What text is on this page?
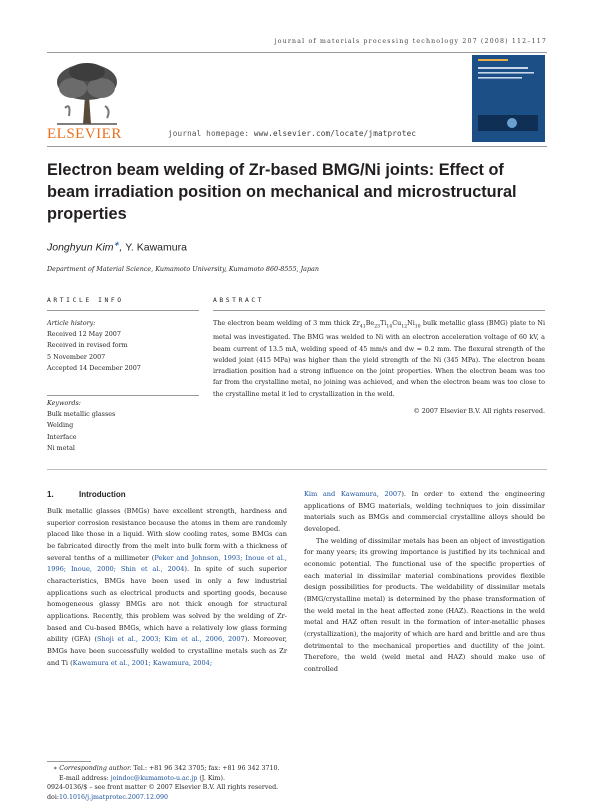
journal of materials processing technology 207 (2008) 112–117
ELSEVIER	journal homepage: www.elsevier.com/locate/jmatprotec
Electron beam welding of Zr-based BMG/Ni joints: Effect of beam irradiation position on mechanical and microstructural properties
Jonghyun Kim∗, Y. Kawamura
Department of Material Science, Kumamoto University, Kumamoto 860-8555, Japan
ARTICLE INFO
Article history:
Received 12 May 2007
Received in revised form
5 November 2007
Accepted 14 December 2007
Keywords:
Bulk metallic glasses
Welding
Interface
Ni metal
ABSTRACT
The electron beam welding of 3 mm thick $Zr_{41}Be_{23}Ti_{14}Cu_{12}Ni_{10}$ bulk metallic glass (BMG) plate to Ni metal was investigated. The BMG was welded to Ni with an electron acceleration voltage of 60 kV, a beam current of 13.5 mA, welding speed of 45 mm/s and dw = 0.2 mm. The flexural strength of the welded joint (415 MPa) was higher than the yield strength of the Ni (345 MPa). The electron beam irradiation position had a strong influence on the joint properties. When the electron beam was too far from the crystalline metal, no joining was achieved, and when the electron beam was too close to the crystalline metal it led to crystallization in the weld.
© 2007 Elsevier B.V. All rights reserved.
1.	Introduction

Bulk metallic glasses (BMGs) have excellent strength, hardness and superior corrosion resistance because the atoms in them are randomly placed like those in a liquid. With slow cooling rates, some BMGs can be fabricated directly from the melt into bulk form with a thickness of several tenths of a millimeter (Peker and Johnson, 1993; Inoue et al., 1996; Inoue, 2000; Shin et al., 2004). In spite of such superior characteristics, BMGs have been used in only a few industrial applications such as electrical products and sporting goods, because homogeneous glassy BMGs are not thick enough for structural applications. Recently, this problem was solved by the welding of Zr-based and Cu-based BMGs, which have a relatively low glass forming ability (GFA) (Shoji et al., 2003; Kim et al., 2006, 2007). Moreover, BMGs have been successfully welded to crystalline metals such as Zr and Ti (Kawamura et al., 2001; Kawamura, 2004;

Kim and Kawamura, 2007). In order to extend the engineering applications of BMG materials, welding techniques to join dissimilar materials such as BMGs and commercial crystalline alloys should be developed.

The welding of dissimilar metals has been an object of investigation for many years; its growing importance is justified by its technical and economic potential. The functional use of the specific properties of each material in dissimilar material combinations provides flexible design possibilities for products. The weldability of dissimilar metals (BMG/crystalline metal) is determined by the phase transformation of the weld metal in the heat affected zone (HAZ). Reactions in the weld metal and HAZ often result in the formation of inter-metallic phases (crystallization), the majority of which are hard and brittle and are thus detrimental to the mechanical properties and ductility of the joint. Therefore, the weld (weld metal and HAZ) should make use of controlled

∗ Corresponding author. Tel.: +81 96 342 3705; fax: +81 96 342 3710.
E-mail address: joindoc@kumamoto-u.ac.jp (J. Kim).
0924-0136/$ – see front matter © 2007 Elsevier B.V. All rights reserved.
doi:10.1016/j.jmatprotec.2007.12.090
